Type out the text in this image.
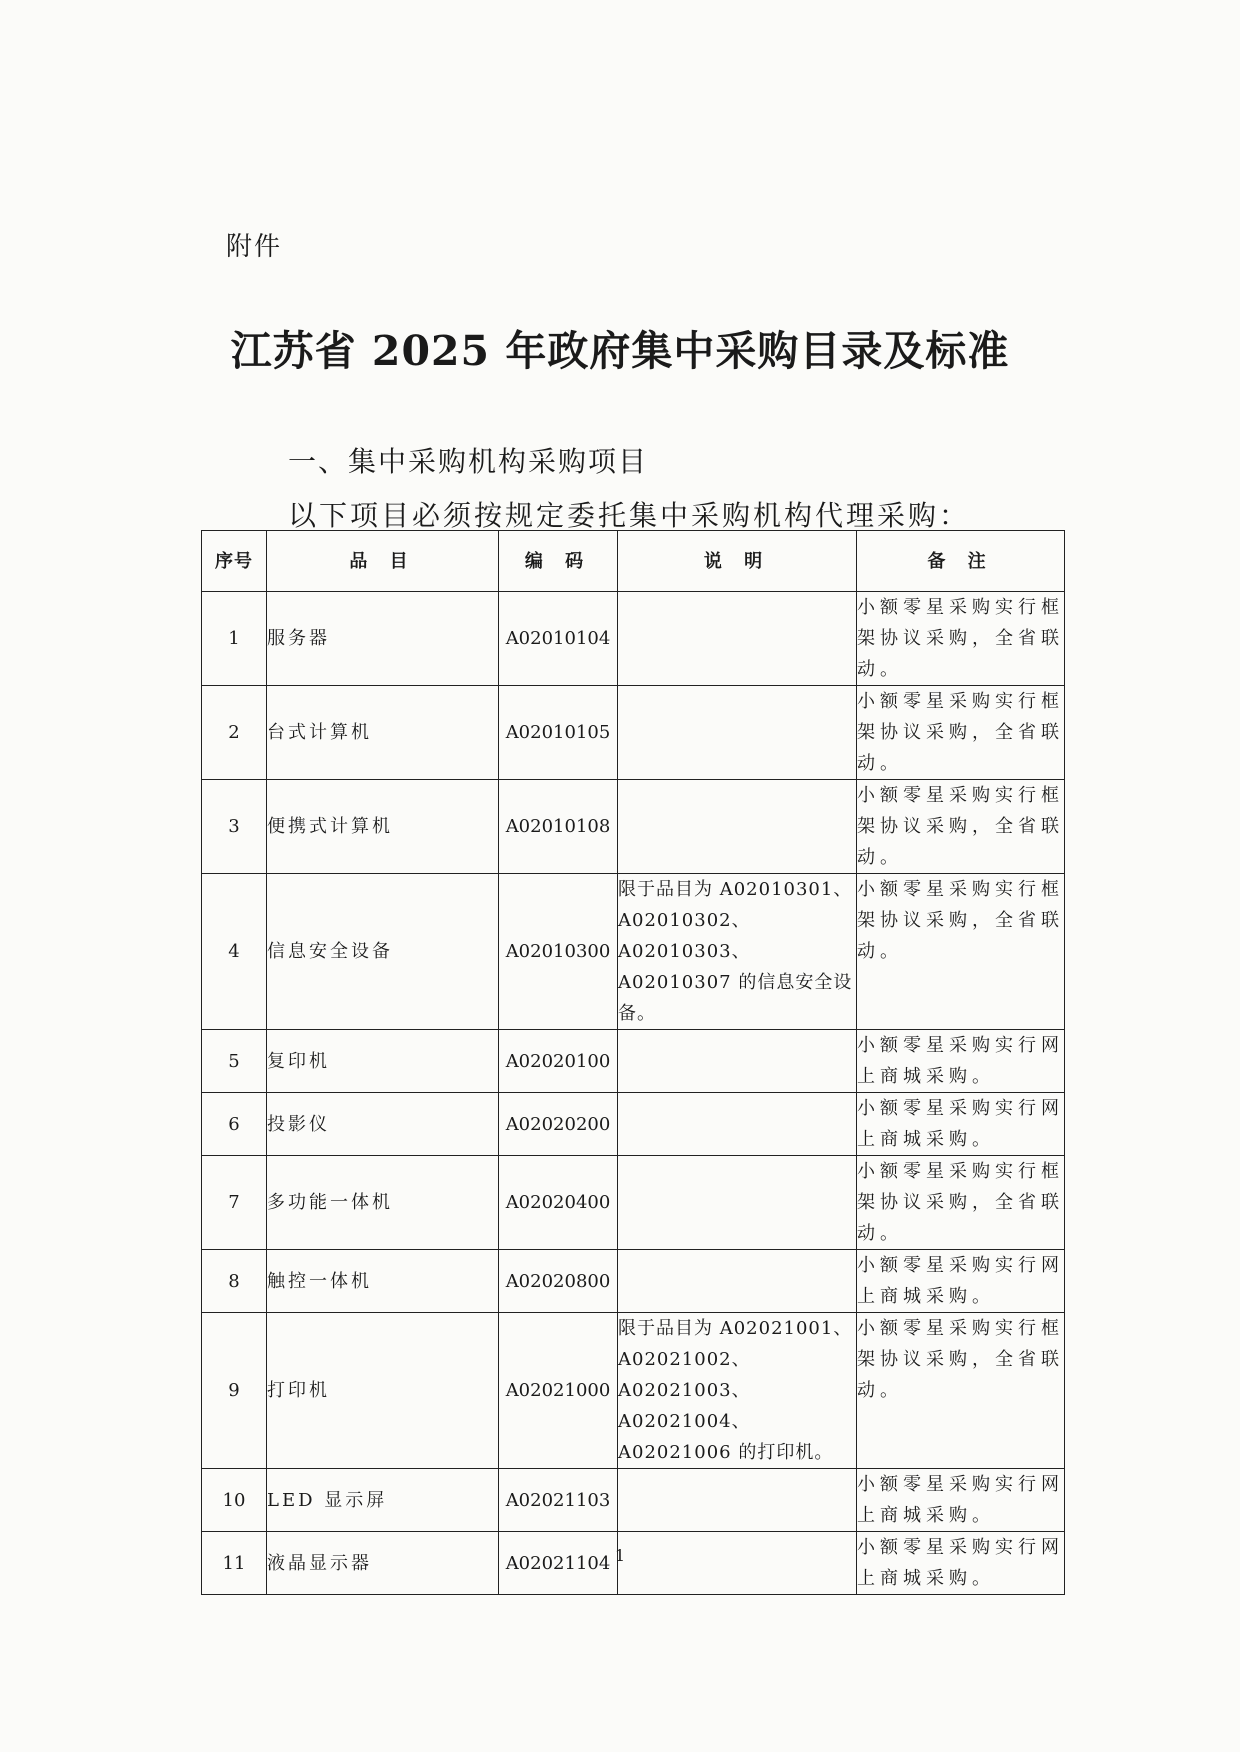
附件
江苏省 2025 年政府集中采购目录及标准
一、集中采购机构采购项目
以下项目必须按规定委托集中采购机构代理采购：
序号	品 目	编 码	说 明	备 注
1	服务器	A02010104		小额零星采购实行框架协议采购，全省联动。
2	台式计算机	A02010105		小额零星采购实行框架协议采购，全省联动。
3	便携式计算机	A02010108		小额零星采购实行框架协议采购，全省联动。
4	信息安全设备	A02010300	限于品目为 A02010301、A02010302、A02010303、A02010307 的信息安全设备。	小额零星采购实行框架协议采购，全省联动。
5	复印机	A02020100		小额零星采购实行网上商城采购。
6	投影仪	A02020200		小额零星采购实行网上商城采购。
7	多功能一体机	A02020400		小额零星采购实行框架协议采购，全省联动。
8	触控一体机	A02020800		小额零星采购实行网上商城采购。
9	打印机	A02021000	限于品目为 A02021001、A02021002、A02021003、A02021004、A02021006 的打印机。	小额零星采购实行框架协议采购，全省联动。
10	LED 显示屏	A02021103		小额零星采购实行网上商城采购。
11	液晶显示器	A02021104		小额零星采购实行网上商城采购。
1
